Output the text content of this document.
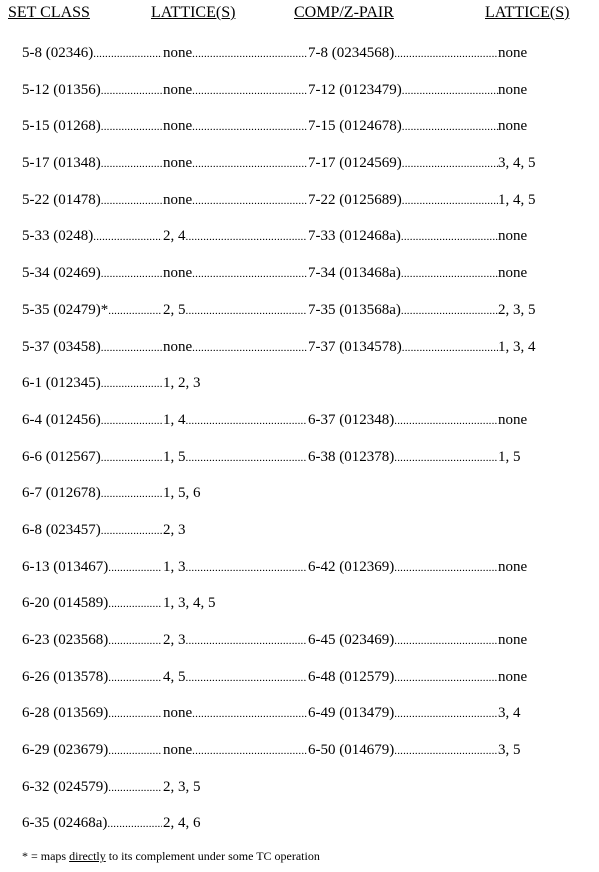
SET CLASS	LATTICE(S)	COMP/Z-PAIR	LATTICE(S)
5-8 (02346) .....	none .....	7-8 (0234568) .....	none
5-12 (01356) .....	none .....	7-12 (0123479) .....	none
5-15 (01268) .....	none .....	7-15 (0124678) .....	none
5-17 (01348) .....	none .....	7-17 (0124569) .....	3, 4, 5
5-22 (01478) .....	none .....	7-22 (0125689) .....	1, 4, 5
5-33 (0248) .....	2, 4 .....	7-33 (012468a) .....	none
5-34 (02469) .....	none .....	7-34 (013468a) .....	none
5-35 (02479)* .....	2, 5 .....	7-35 (013568a) .....	2, 3, 5
5-37 (03458) .....	none .....	7-37 (0134578) .....	1, 3, 4
6-1 (012345) .....	1, 2, 3
6-4 (012456) .....	1, 4 .....	6-37 (012348) .....	none
6-6 (012567) .....	1, 5 .....	6-38 (012378) .....	1, 5
6-7 (012678) .....	1, 5, 6
6-8 (023457) .....	2, 3
6-13 (013467) .....	1, 3 .....	6-42 (012369) .....	none
6-20 (014589) .....	1, 3, 4, 5
6-23 (023568) .....	2, 3 .....	6-45 (023469) .....	none
6-26 (013578) .....	4, 5 .....	6-48 (012579) .....	none
6-28 (013569) .....	none .....	6-49 (013479) .....	3, 4
6-29 (023679) .....	none .....	6-50 (014679) .....	3, 5
6-32 (024579) .....	2, 3, 5
6-35 (02468a) .....	2, 4, 6
* = maps directly to its complement under some TC operation
